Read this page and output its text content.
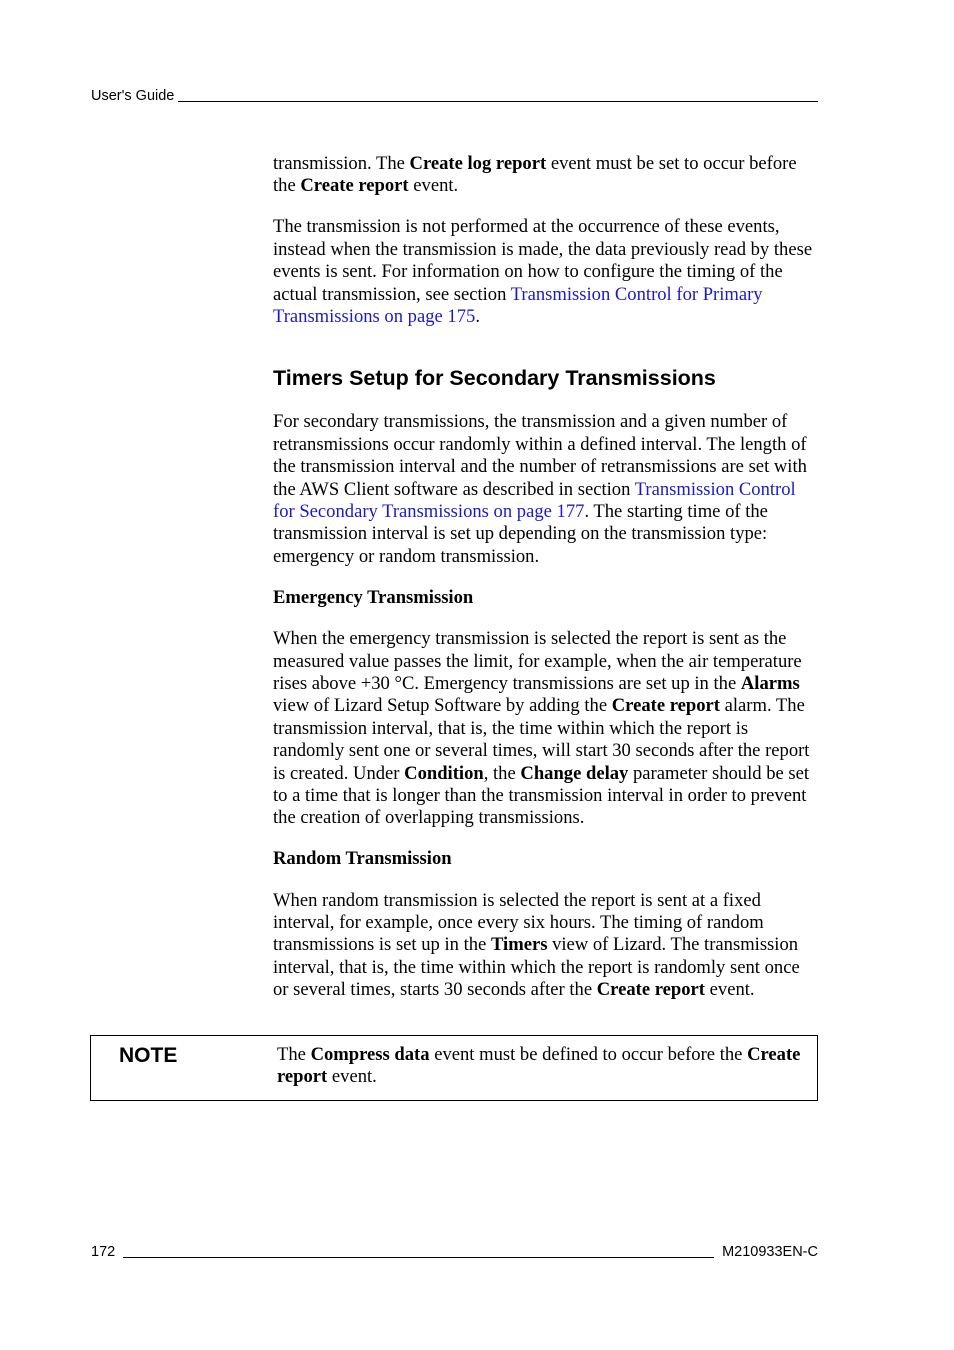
User's Guide

transmission. The Create log report event must be set to occur before the Create report event.

The transmission is not performed at the occurrence of these events, instead when the transmission is made, the data previously read by these events is sent. For information on how to configure the timing of the actual transmission, see section Transmission Control for Primary Transmissions on page 175.

Timers Setup for Secondary Transmissions

For secondary transmissions, the transmission and a given number of retransmissions occur randomly within a defined interval. The length of the transmission interval and the number of retransmissions are set with the AWS Client software as described in section Transmission Control for Secondary Transmissions on page 177. The starting time of the transmission interval is set up depending on the transmission type: emergency or random transmission.

Emergency Transmission

When the emergency transmission is selected the report is sent as the measured value passes the limit, for example, when the air temperature rises above +30 °C. Emergency transmissions are set up in the Alarms view of Lizard Setup Software by adding the Create report alarm. The transmission interval, that is, the time within which the report is randomly sent one or several times, will start 30 seconds after the report is created. Under Condition, the Change delay parameter should be set to a time that is longer than the transmission interval in order to prevent the creation of overlapping transmissions.

Random Transmission

When random transmission is selected the report is sent at a fixed interval, for example, once every six hours. The timing of random transmissions is set up in the Timers view of Lizard. The transmission interval, that is, the time within which the report is randomly sent once or several times, starts 30 seconds after the Create report event.

NOTE	The Compress data event must be defined to occur before the Create report event.
172	M210933EN-C
